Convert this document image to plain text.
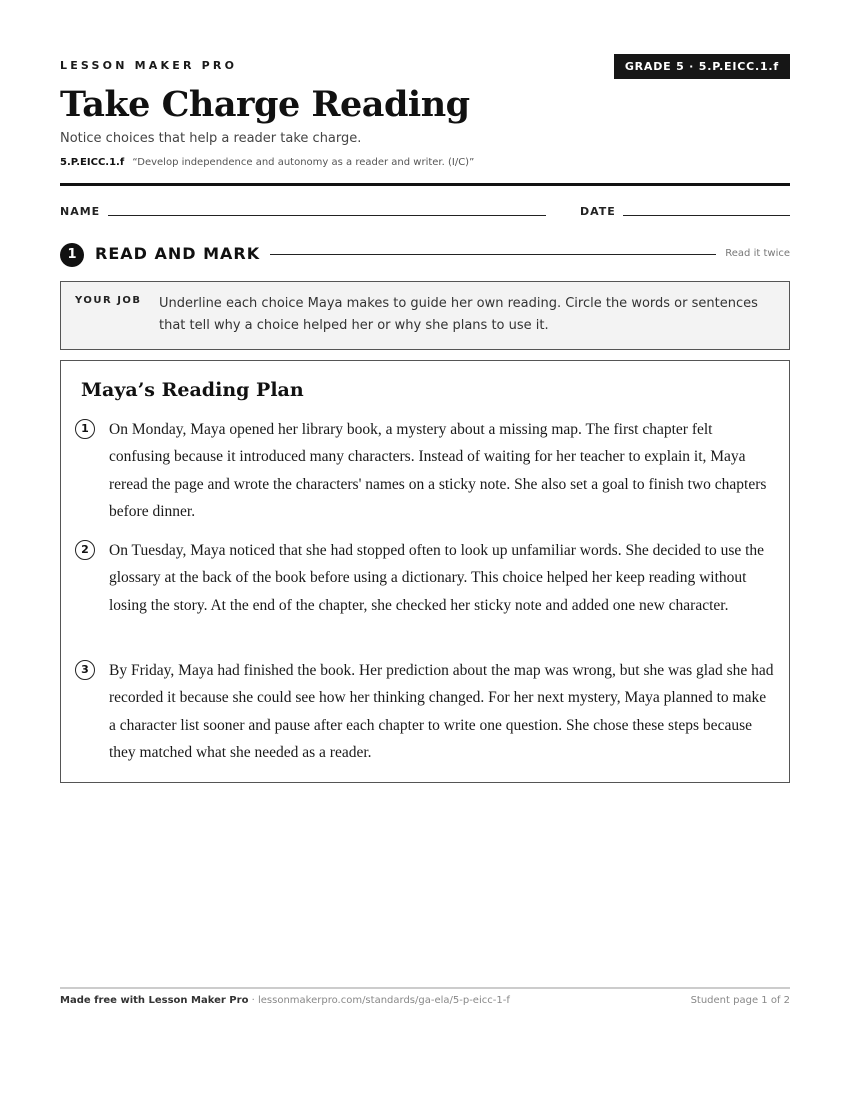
LESSON MAKER PRO	GRADE 5 · 5.P.EICC.1.f
Take Charge Reading
Notice choices that help a reader take charge.
5.P.EICC.1.f “Develop independence and autonomy as a reader and writer. (I/C)”
NAME	DATE
1	READ AND MARK	Read it twice
YOUR JOB Underline each choice Maya makes to guide her own reading. Circle the words or sentences that tell why a choice helped her or why she plans to use it.
Maya’s Reading Plan
1	On Monday, Maya opened her library book, a mystery about a missing map. The first chapter felt confusing because it introduced many characters. Instead of waiting for her teacher to explain it, Maya reread the page and wrote the characters' names on a sticky note. She also set a goal to finish two chapters before dinner.
2	On Tuesday, Maya noticed that she had stopped often to look up unfamiliar words. She decided to use the glossary at the back of the book before using a dictionary. This choice helped her keep reading without losing the story. At the end of the chapter, she checked her sticky note and added one new character.
3	By Friday, Maya had finished the book. Her prediction about the map was wrong, but she was glad she had recorded it because she could see how her thinking changed. For her next mystery, Maya planned to make a character list sooner and pause after each chapter to write one question. She chose these steps because they matched what she needed as a reader.
Made free with Lesson Maker Pro · lessonmakerpro.com/standards/ga-ela/5-p-eicc-1-f	Student page 1 of 2
